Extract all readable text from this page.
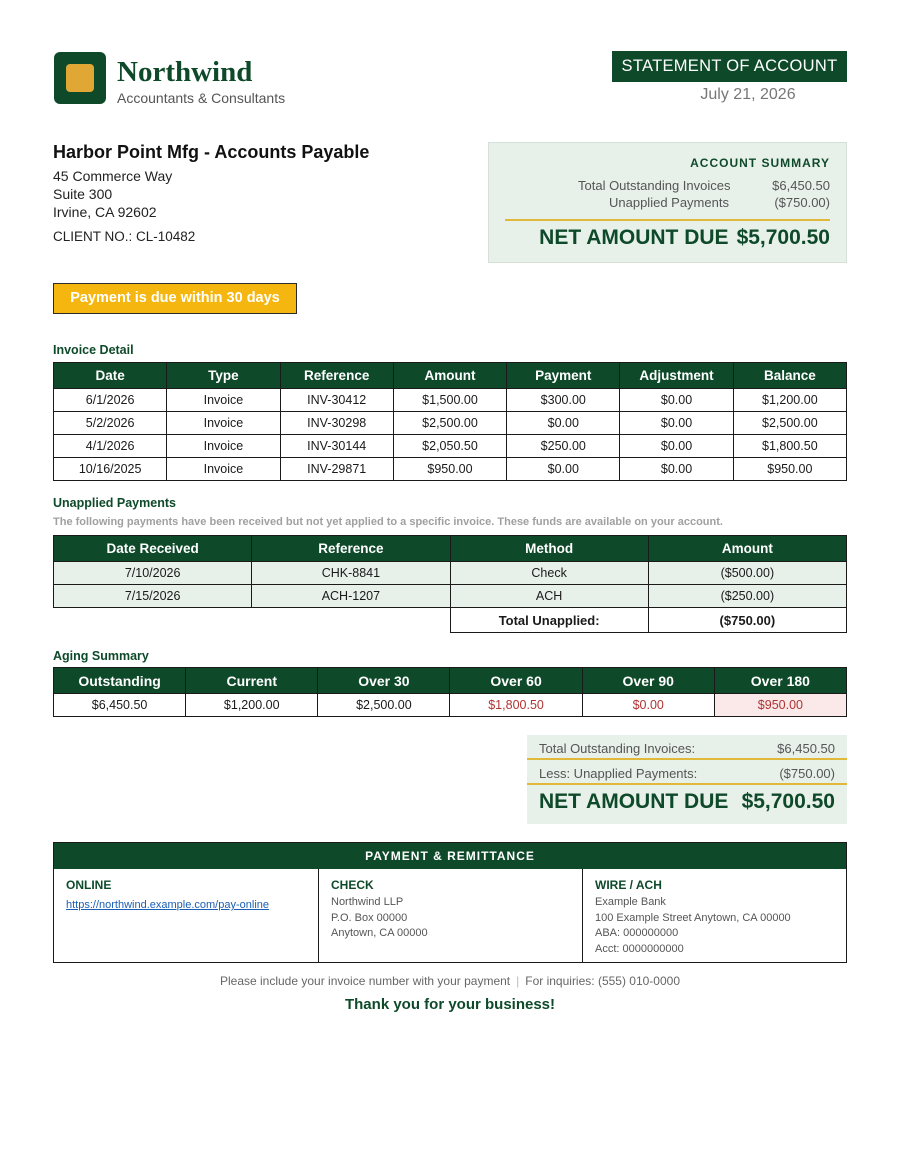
Northwind
Accountants & Consultants
STATEMENT OF ACCOUNT
July 21, 2026
Harbor Point Mfg - Accounts Payable
45 Commerce Way
Suite 300
Irvine, CA 92602
CLIENT NO.: CL-10482
ACCOUNT SUMMARY
Total Outstanding Invoices	$6,450.50
Unapplied Payments	($750.00)
NET AMOUNT DUE $5,700.50
Payment is due within 30 days
Invoice Detail
Date	Type	Reference	Amount	Payment	Adjustment	Balance
6/1/2026	Invoice	INV-30412	$1,500.00	$300.00	$0.00	$1,200.00
5/2/2026	Invoice	INV-30298	$2,500.00	$0.00	$0.00	$2,500.00
4/1/2026	Invoice	INV-30144	$2,050.50	$250.00	$0.00	$1,800.50
10/16/2025	Invoice	INV-29871	$950.00	$0.00	$0.00	$950.00
Unapplied Payments
The following payments have been received but not yet applied to a specific invoice. These funds are available on your account.
Date Received	Reference	Method	Amount
7/10/2026	CHK-8841	Check	($500.00)
7/15/2026	ACH-1207	ACH	($250.00)
		Total Unapplied:	($750.00)
Aging Summary
Outstanding	Current	Over 30	Over 60	Over 90	Over 180
$6,450.50	$1,200.00	$2,500.00	$1,800.50	$0.00	$950.00
Total Outstanding Invoices:	$6,450.50
Less: Unapplied Payments:	($750.00)
NET AMOUNT DUE $5,700.50
PAYMENT & REMITTANCE
ONLINE
https://northwind.example.com/pay-online
CHECK

Northwind LLP

P.O. Box 00000

Anytown, CA 00000

WIRE / ACH

Example Bank

100 Example Street Anytown, CA 00000

ABA: 000000000

Acct: 0000000000

Please include your invoice number with your payment | For inquiries: (555) 010-0000
Thank you for your business!
